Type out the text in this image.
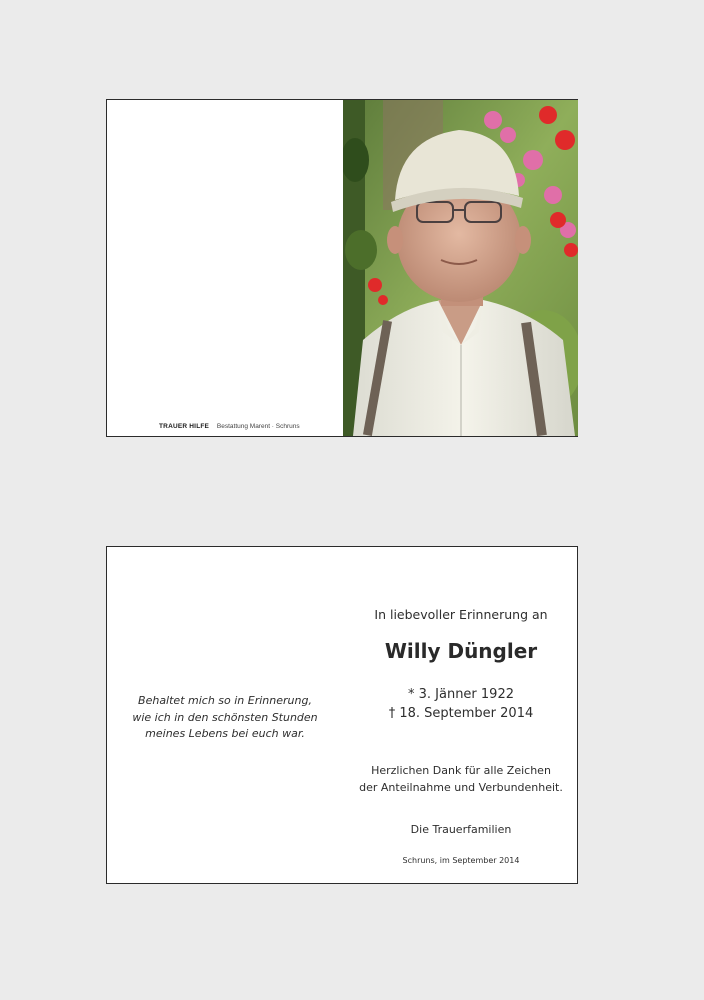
TRAUER HILFE Bestattung Marent · Schruns
Behaltet mich so in Erinnerung,
wie ich in den schönsten Stunden
meines Lebens bei euch war.
In liebevoller Erinnerung an
Willy Düngler
* 3. Jänner 1922
† 18. September 2014
Herzlichen Dank für alle Zeichen
der Anteilnahme und Verbundenheit.
Die Trauerfamilien
Schruns, im September 2014
